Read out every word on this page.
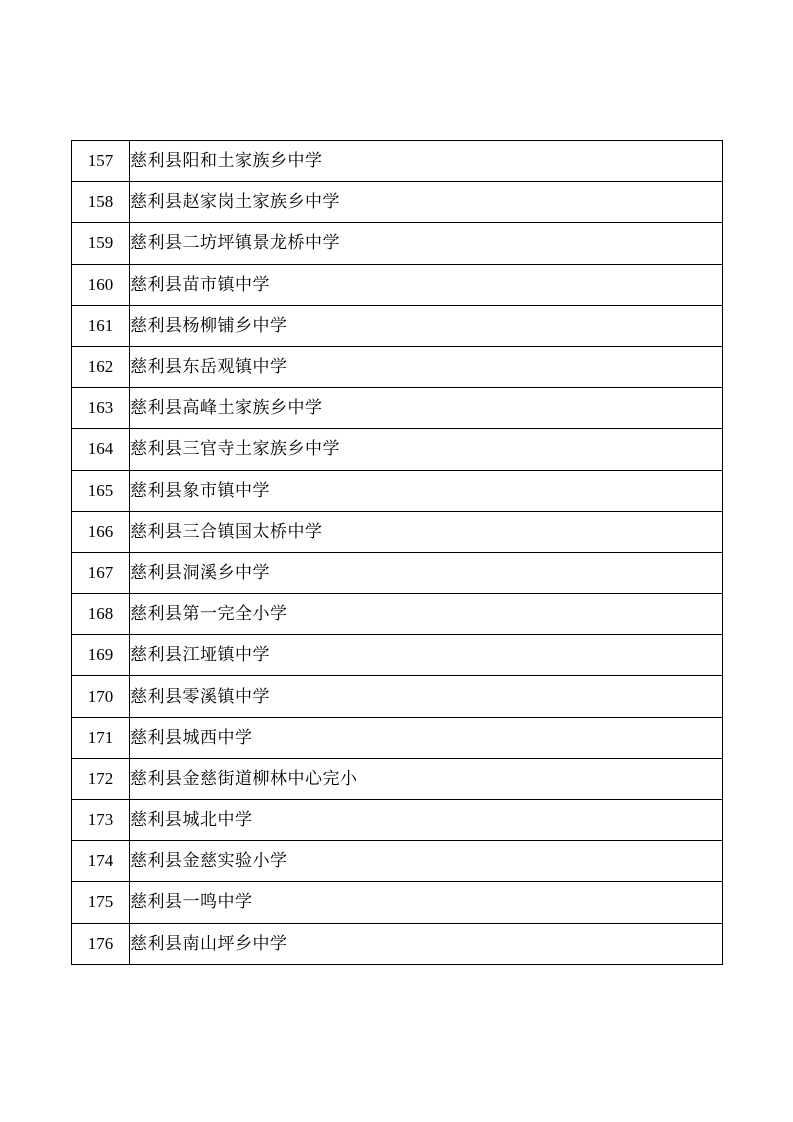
157	慈利县阳和土家族乡中学
158	慈利县赵家岗土家族乡中学
159	慈利县二坊坪镇景龙桥中学
160	慈利县苗市镇中学
161	慈利县杨柳铺乡中学
162	慈利县东岳观镇中学
163	慈利县高峰土家族乡中学
164	慈利县三官寺土家族乡中学
165	慈利县象市镇中学
166	慈利县三合镇国太桥中学
167	慈利县洞溪乡中学
168	慈利县第一完全小学
169	慈利县江垭镇中学
170	慈利县零溪镇中学
171	慈利县城西中学
172	慈利县金慈街道柳林中心完小
173	慈利县城北中学
174	慈利县金慈实验小学
175	慈利县一鸣中学
176	慈利县南山坪乡中学
